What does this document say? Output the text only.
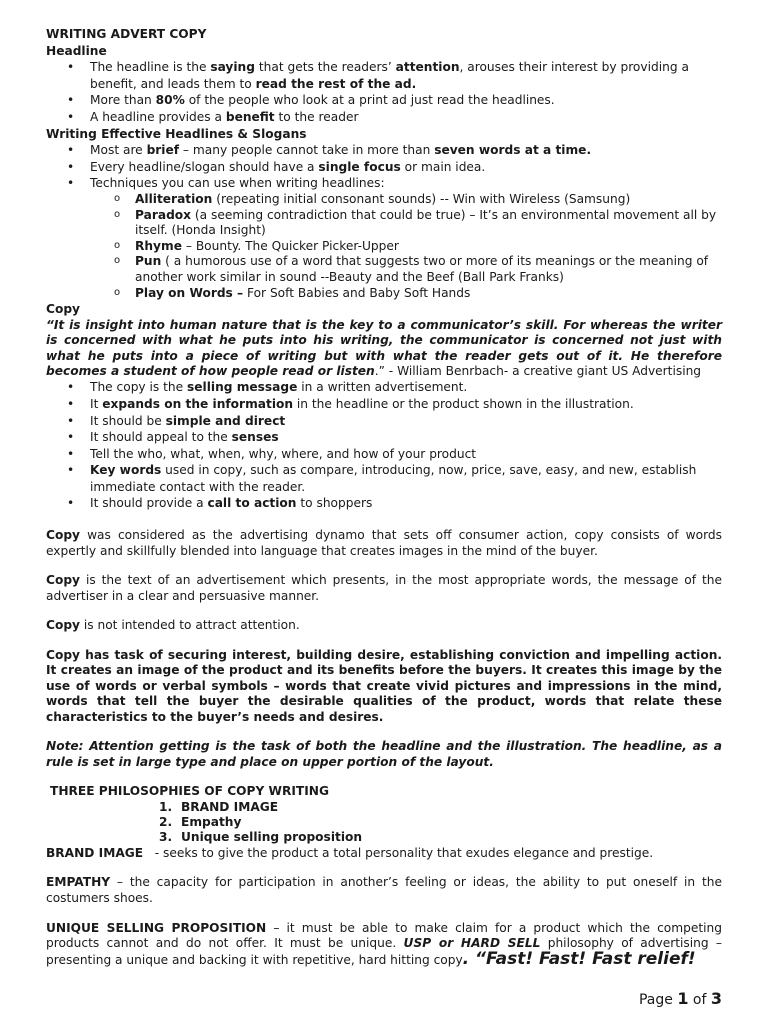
WRITING ADVERT COPY

Headline

• The headline is the saying that gets the readers’ attention, arouses their interest by providing a benefit, and leads them to read the rest of the ad.

• More than 80% of the people who look at a print ad just read the headlines.

• A headline provides a benefit to the reader

Writing Effective Headlines & Slogans

• Most are brief – many people cannot take in more than seven words at a time.

• Every headline/slogan should have a single focus or main idea.

• Techniques you can use when writing headlines:

o Alliteration (repeating initial consonant sounds) -- Win with Wireless (Samsung)

o Paradox (a seeming contradiction that could be true) – It’s an environmental movement all by itself. (Honda Insight)

o Rhyme – Bounty. The Quicker Picker-Upper

o Pun ( a humorous use of a word that suggests two or more of its meanings or the meaning of another work similar in sound --Beauty and the Beef (Ball Park Franks)

o Play on Words – For Soft Babies and Baby Soft Hands

Copy

“It is insight into human nature that is the key to a communicator’s skill. For whereas the writer is concerned with what he puts into his writing, the communicator is concerned not just with what he puts into a piece of writing but with what the reader gets out of it. He therefore becomes a student of how people read or listen.” - William Benrbach- a creative giant US Advertising

• The copy is the selling message in a written advertisement.

• It expands on the information in the headline or the product shown in the illustration.

• It should be simple and direct

• It should appeal to the senses

• Tell the who, what, when, why, where, and how of your product

• Key words used in copy, such as compare, introducing, now, price, save, easy, and new, establish immediate contact with the reader.

• It should provide a call to action to shoppers

Copy was considered as the advertising dynamo that sets off consumer action, copy consists of words expertly and skillfully blended into language that creates images in the mind of the buyer.

Copy is the text of an advertisement which presents, in the most appropriate words, the message of the advertiser in a clear and persuasive manner.

Copy is not intended to attract attention.

Copy has task of securing interest, building desire, establishing conviction and impelling action. It creates an image of the product and its benefits before the buyers. It creates this image by the use of words or verbal symbols – words that create vivid pictures and impressions in the mind, words that tell the buyer the desirable qualities of the product, words that relate these characteristics to the buyer’s needs and desires.

Note: Attention getting is the task of both the headline and the illustration. The headline, as a rule is set in large type and place on upper portion of the layout.

THREE PHILOSOPHIES OF COPY WRITING

1. BRAND IMAGE

2. Empathy

3. Unique selling proposition

BRAND IMAGE   - seeks to give the product a total personality that exudes elegance and prestige.

EMPATHY – the capacity for participation in another’s feeling or ideas, the ability to put oneself in the costumers shoes.

UNIQUE SELLING PROPOSITION – it must be able to make claim for a product which the competing products cannot and do not offer. It must be unique. USP or HARD SELL philosophy of advertising – presenting a unique and backing it with repetitive, hard hitting copy. “Fast! Fast! Fast relief!

Page 1 of 3
